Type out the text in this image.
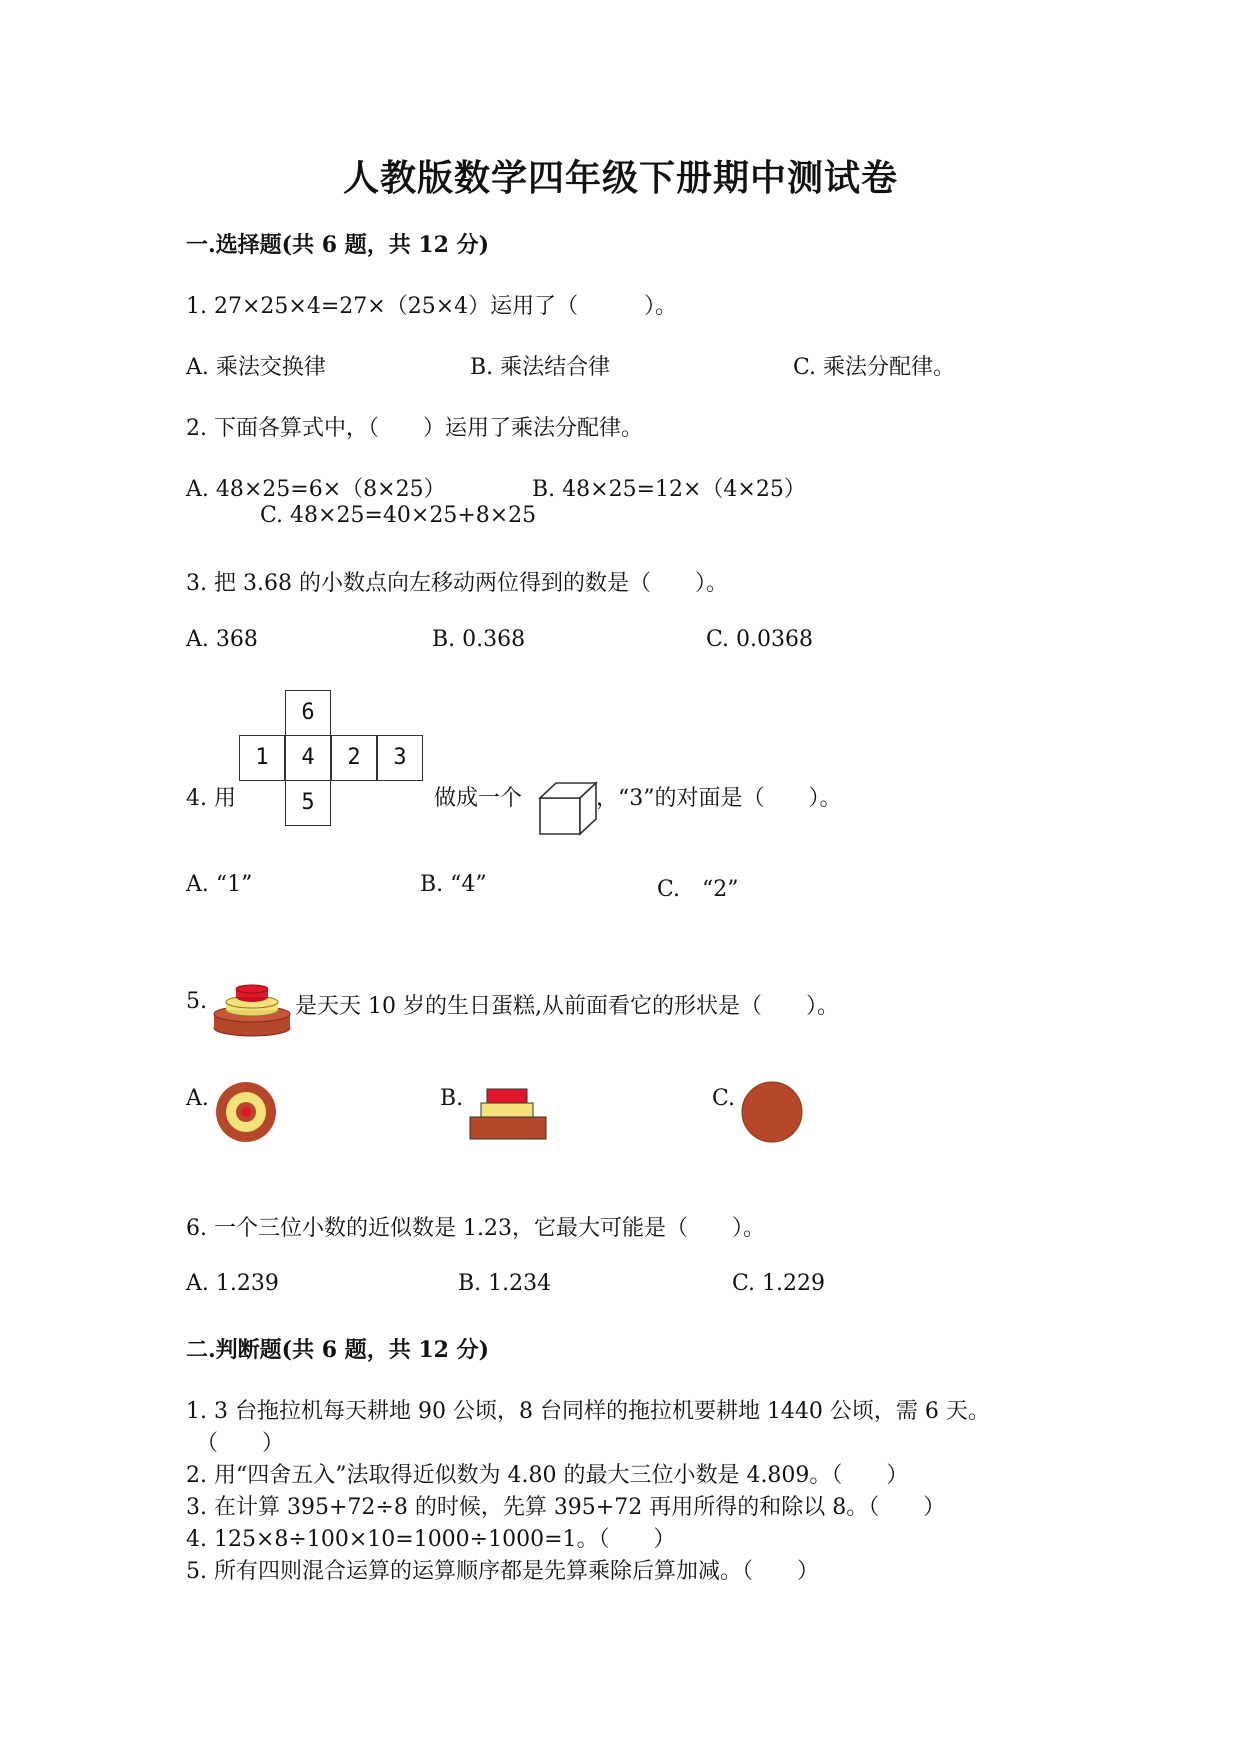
人教版数学四年级下册期中测试卷
一.选择题(共 6 题，共 12 分)
1. 27×25×4=27×（25×4）运用了（　　　）。
A. 乘法交换律	B. 乘法结合律	C. 乘法分配律。
2. 下面各算式中，（　　）运用了乘法分配律。
A. 48×25=6×（8×25）	B. 48×25=12×（4×25）
C. 48×25=40×25+8×25
3. 把 3.68 的小数点向左移动两位得到的数是（　　）。
A. 368	B. 0.368	C. 0.0368
4. 用
6
1	4	2	3
5	做成一个	，“3”的对面是（　　）。
A. “1”	B. “4”	C.　“2”
5.	是天天 10 岁的生日蛋糕,从前面看它的形状是（　　）。
A.	B.	C.
6. 一个三位小数的近似数是 1.23，它最大可能是（　　）。
A. 1.239	B. 1.234	C. 1.229
二.判断题(共 6 题，共 12 分)
1. 3 台拖拉机每天耕地 90 公顷，8 台同样的拖拉机要耕地 1440 公顷，需 6 天。
（　　）
2. 用“四舍五入”法取得近似数为 4.80 的最大三位小数是 4.809。（　　）
3. 在计算 395+72÷8 的时候，先算 395+72 再用所得的和除以 8。（　　）
4. 125×8÷100×10=1000÷1000=1。（　　）
5. 所有四则混合运算的运算顺序都是先算乘除后算加减。（　　）
